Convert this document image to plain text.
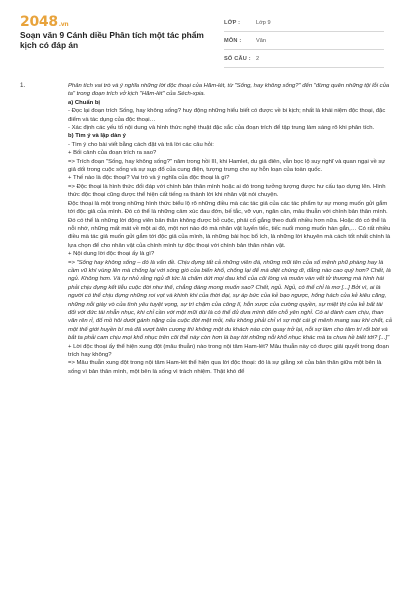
2048.vn
Soạn văn 9 Cánh diều Phân tích một tác phẩm kịch có đáp án
LỚP :	Lớp 9
MÔN :	Văn
SỐ CÂU : 2
1.	Phân tích vai trò và ý nghĩa những lời độc thoại của Hăm-lét, từ "Sống, hay không sống?" đến "đừng quên những tội lỗi của ta" trong đoạn trích vở kịch "Hăm-lét" của Séch-xpia.

a) Chuẩn bị

- Đọc lại đoạn trích Sống, hay không sống? huy động những hiểu biết có được về bi kịch; nhất là khái niệm độc thoại, đặc điểm và tác dụng của độc thoại…

- Xác định các yếu tố nội dung và hình thức nghệ thuật đặc sắc của đoạn trích để tập trung làm sáng rõ khi phân tích.

b) Tìm ý và lập dàn ý

- Tìm ý cho bài viết bằng cách đặt và trả lời các câu hỏi:

+ Bối cảnh của đoạn trích ra sao?

=> Trích đoạn "Sống, hay không sống?" năm trong hồi III, khi Hamlet, du giả điên, vẫn bọc lộ suy nghĩ và quan ngại về sự giả dối trong cuộc sống và sự sụp đổ của cung điện, tượng trưng cho sự hỗn loạn của toàn quốc.

+ Thế nào là độc thoại? Vai trò và ý nghĩa của độc thoại là gì?

=> Độc thoại là hình thức đối đáp với chính bản thân mình hoặc ai đó trong tưởng tượng được hư cấu tạo dựng lên. Hình thức độc thoại cũng được thể hiện cất tiếng ra thành lời khi nhân vật nói chuyện.

Độc thoại là một trong những hình thức biểu lộ rõ những điều mà các tác giả của các tác phẩm tự sự mong muốn gửi gắm tới độc giả của mình. Đó có thể là những cảm xúc đau đớn, bế tắc, vỡ vụn, ngăn cản, mâu thuẫn với chính bản thân mình. Đó có thể là những lời động viên bản thân không được bỏ cuộc, phải cố gắng theo đuổi nhiều hơn nữa. Hoặc đó có thể là nỗi nhớ, những mất mát về một ai đó, một nơi nào đó mà nhân vật luyến tiếc, tiếc nuối mong muốn hàn gắn,… Có rất nhiều điều mà tác giả muốn gửi gắm tới độc giả của mình, là những bài học bổ ích, là những lời khuyên mà cách tốt nhất chính là lựa chọn để cho nhân vật của chính mình tự độc thoại với chính bản thân nhân vật.

+ Nội dung lời độc thoại ấy là gì?

=> "Sống hay không sống – đó là vấn đề. Chịu đựng tất cả những viên đá, những mũi tên của số mệnh phũ phàng hay là cầm vũ khí vùng lên mà chống lại với sóng gió của biển khổ, chống lại để mà diệt chúng đi, đằng nào cao quý hơn? Chết, là ngủ. Không hơn. Và tự nhủ rằng ngủ đi tức là chấm dứt mọi đau khổ của cõi lòng và muôn vàn vết tử thương mà hình hài phải chịu đựng kết liễu cuộc đời như thế, chẳng đáng mong muốn sao? Chết, ngủ. Ngủ, có thể chỉ là mơ [...] Bởi vì, ai là người có thể chịu đựng những roi vọt và khinh khi của thời đại, sự áp bức của kẻ bạo ngược, hống hách của kẻ kiêu căng, những nỗi giày vò của tình yêu tuyệt vọng, sự trì chậm của công lí, hỗn xược của cường quyền, sự miệt thị của kẻ bất tài đối với đức tài nhẫn nhục, khi chỉ cần với một mũi dùi là có thể đủ đưa mình đến chỗ yên nghỉ. Có ai đành cam chịu, than vãn rên rỉ, đổ mồ hôi dưới gánh nặng của cuộc đời mệt mỏi, nếu không phải chỉ vì sợ một cái gì mênh mang sau khi chết, cả một thế giới huyền bí mà đã vượt biên cương thì không một du khách nào còn quay trở lại, nỗi sợ làm cho tâm trí rối bời và bắt ta phải cam chịu mọi khổ nhục trên cõi thế này còn hơn là bay tới những nỗi khổ nhục khác mà ta chưa hề biết tới? [...]"

+ Lời độc thoại ấy thể hiện xung đột (mâu thuẫn) nào trong nội tâm Ham-lét? Mâu thuẫn này có được giải quyết trong đoạn trích hay không?

=> Mâu thuẫn xung đột trong nội tâm Ham-lét thể hiện qua lời độc thoại: đó là sự giằng xé của bản thân giữa một bên là sống vì bản thân mình, một bên là sống vì trách nhiệm. Thật khó để
